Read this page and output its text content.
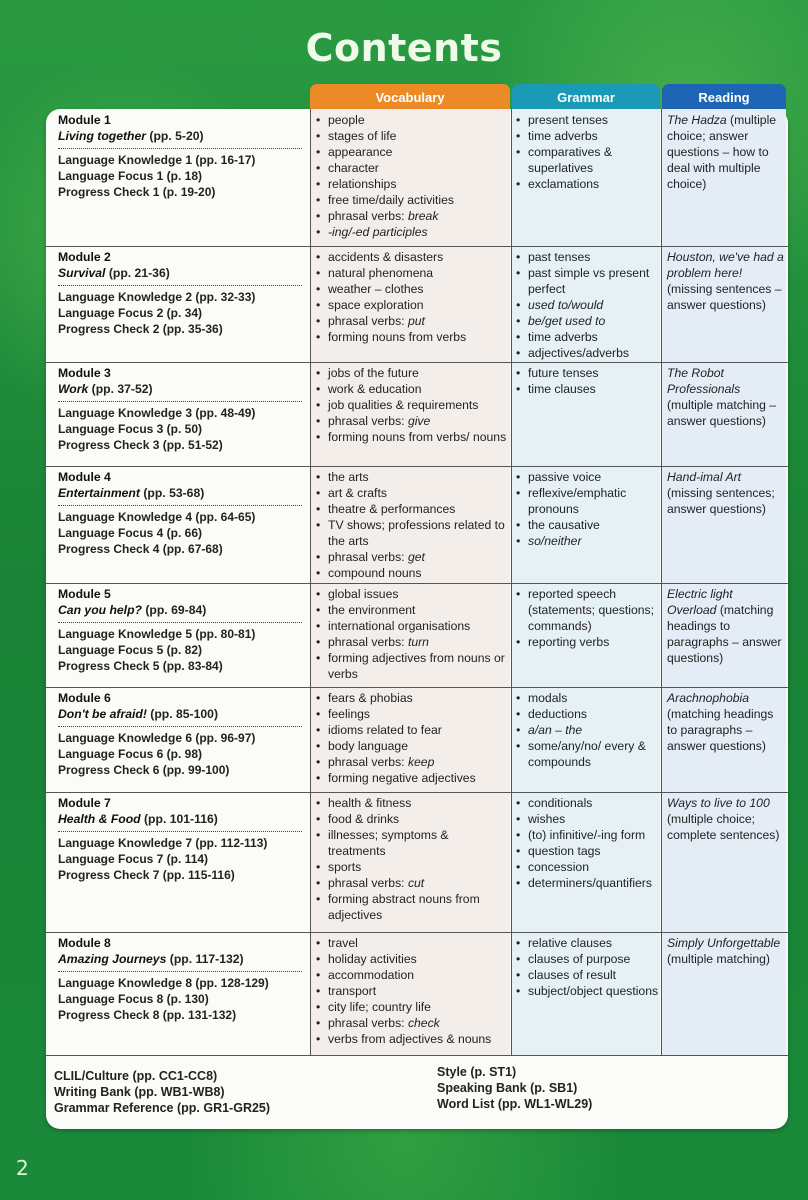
Contents
Vocabulary	Grammar	Reading
Module 1
Living together (pp. 5-20)
Language Knowledge 1 (pp. 16-17)
Language Focus 1 (p. 18)
Progress Check 1 (p. 19-20)
• people
• stages of life
• appearance
• character
• relationships
• free time/daily activities
• phrasal verbs: break
• -ing/-ed participles
• present tenses
• time adverbs
• comparatives & superlatives
• exclamations
The Hadza (multiple choice; answer questions – how to deal with multiple choice)
Module 2
Survival (pp. 21-36)
Language Knowledge 2 (pp. 32-33)
Language Focus 2 (p. 34)
Progress Check 2 (pp. 35-36)
• accidents & disasters
• natural phenomena
• weather – clothes
• space exploration
• phrasal verbs: put
• forming nouns from verbs
• past tenses
• past simple vs present perfect
• used to/would
• be/get used to
• time adverbs
• adjectives/adverbs
Houston, we've had a problem here! (missing sentences – answer questions)
Module 3
Work (pp. 37-52)
Language Knowledge 3 (pp. 48-49)
Language Focus 3 (p. 50)
Progress Check 3 (pp. 51-52)
• jobs of the future
• work & education
• job qualities & requirements
• phrasal verbs: give
• forming nouns from verbs/ nouns
• future tenses
• time clauses
The Robot Professionals (multiple matching – answer questions)
Module 4
Entertainment (pp. 53-68)
Language Knowledge 4 (pp. 64-65)
Language Focus 4 (p. 66)
Progress Check 4 (pp. 67-68)
• the arts
• art & crafts
• theatre & performances
• TV shows; professions related to the arts
• phrasal verbs: get
• compound nouns
• passive voice
• reflexive/emphatic pronouns
• the causative
• so/neither
Hand-imal Art (missing sentences; answer questions)
Module 5
Can you help? (pp. 69-84)
Language Knowledge 5 (pp. 80-81)
Language Focus 5 (p. 82)
Progress Check 5 (pp. 83-84)
• global issues
• the environment
• international organisations
• phrasal verbs: turn
• forming adjectives from nouns or verbs
• reported speech (statements; questions; commands)
• reporting verbs
Electric light Overload (matching headings to paragraphs – answer questions)
Module 6
Don't be afraid! (pp. 85-100)
Language Knowledge 6 (pp. 96-97)
Language Focus 6 (p. 98)
Progress Check 6 (pp. 99-100)
• fears & phobias
• feelings
• idioms related to fear
• body language
• phrasal verbs: keep
• forming negative adjectives
• modals
• deductions
• a/an – the
• some/any/no/ every & compounds
Arachnophobia (matching headings to paragraphs – answer questions)
Module 7
Health & Food (pp. 101-116)
Language Knowledge 7 (pp. 112-113)
Language Focus 7 (p. 114)
Progress Check 7 (pp. 115-116)
• health & fitness
• food & drinks
• illnesses; symptoms & treatments
• sports
• phrasal verbs: cut
• forming abstract nouns from adjectives
• conditionals
• wishes
• (to) infinitive/-ing form
• question tags
• concession
• determiners/quantifiers
Ways to live to 100 (multiple choice; complete sentences)
Module 8
Amazing Journeys (pp. 117-132)
Language Knowledge 8 (pp. 128-129)
Language Focus 8 (p. 130)
Progress Check 8 (pp. 131-132)
• travel
• holiday activities
• accommodation
• transport
• city life; country life
• phrasal verbs: check
• verbs from adjectives & nouns
• relative clauses
• clauses of purpose
• clauses of result
• subject/object questions
Simply Unforgettable (multiple matching)
CLIL/Culture (pp. CC1-CC8)
Writing Bank (pp. WB1-WB8)
Grammar Reference (pp. GR1-GR25)
Style (p. ST1)
Speaking Bank (p. SB1)
Word List (pp. WL1-WL29)
2
